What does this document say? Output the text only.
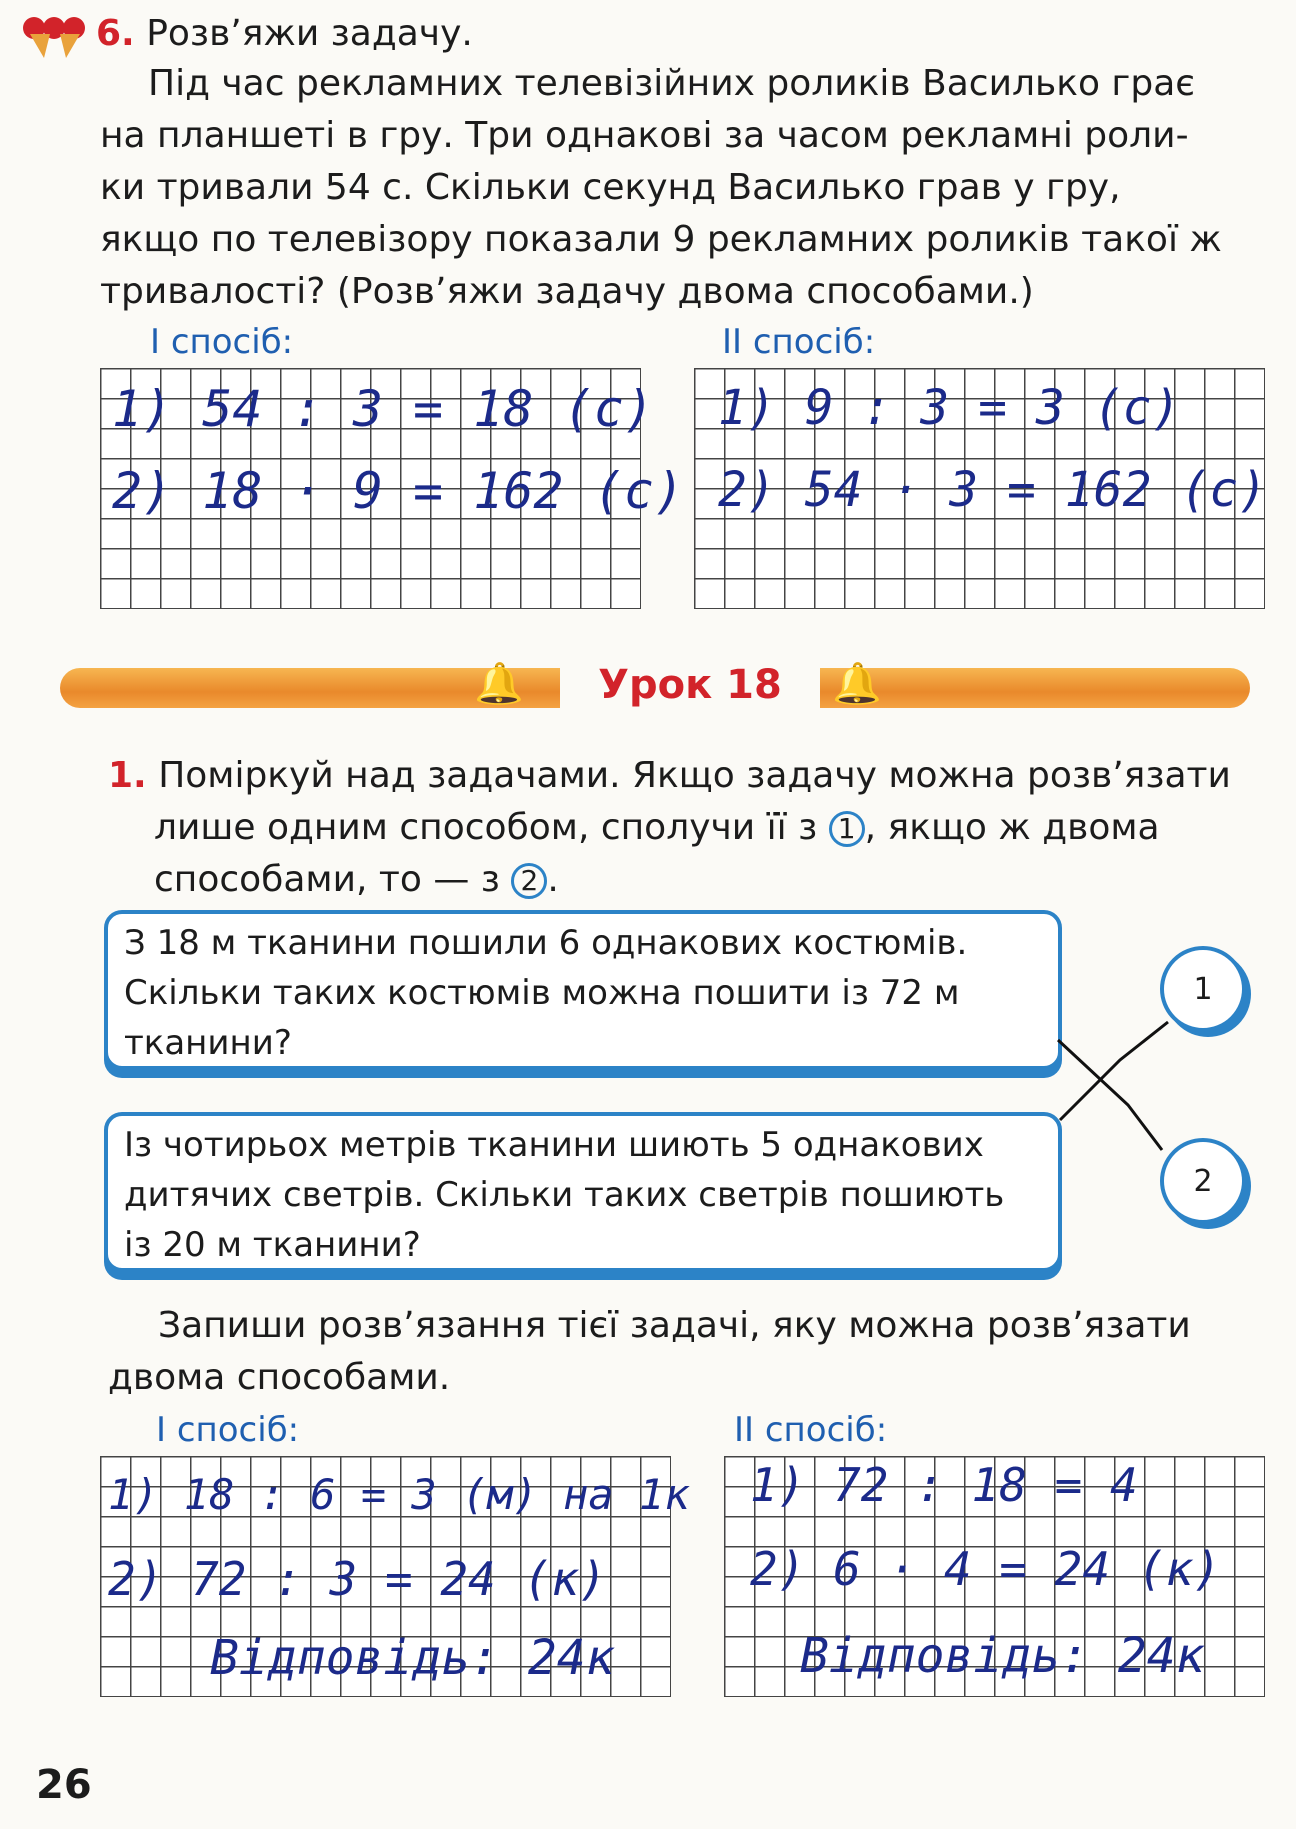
6. Розв’яжи задачу.
Під час рекламних телевізійних роликів Василько грає
на планшеті в гру. Три однакові за часом рекламні роли-
ки тривали 54 с. Скільки секунд Василько грав у гру,
якщо по телевізору показали 9 рекламних роликів такої ж
тривалості? (Розв’яжи задачу двома способами.)
І спосіб:	ІІ спосіб:
1) 54 : 3 = 18 (с)
2) 18 · 9 = 162 (с)
1) 9 : 3 = 3 (с)
2) 54 · 3 = 162 (с)
Урок 18
🔔	🔔
1. Поміркуй над задачами. Якщо задачу можна розв’язати
лише одним способом, сполучи її з 1 , якщо ж двома
способами, то — з 2 .
З 18 м тканини пошили 6 однакових костюмів.
Скільки таких костюмів можна пошити із 72 м
тканини?
Із чотирьох метрів тканини шиють 5 однакових
дитячих светрів. Скільки таких светрів пошиють
із 20 м тканини?
1
2
Запиши розв’язання тієї задачі, яку можна розв’язати
двома способами.
І спосіб:	ІІ спосіб:
1) 18 : 6 = 3 (м) на 1к
2) 72 : 3 = 24 (к)
Відповідь: 24к
1) 72 : 18 = 4
2) 6 · 4 = 24 (к)
Відповідь: 24к
26
